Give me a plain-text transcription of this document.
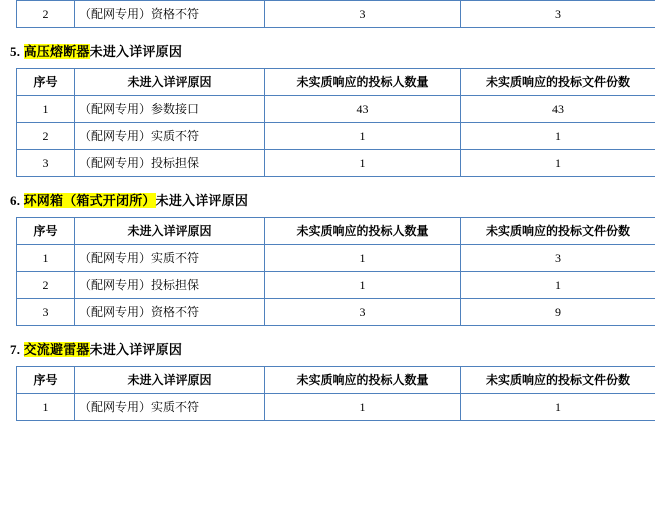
2	（配网专用）资格不符	3	3
5. 高压熔断器未进入详评原因
序号	未进入详评原因	未实质响应的投标人数量	未实质响应的投标文件份数
1	（配网专用）参数接口	43	43
2	（配网专用）实质不符	1	1
3	（配网专用）投标担保	1	1
6. 环网箱（箱式开闭所）未进入详评原因
序号	未进入详评原因	未实质响应的投标人数量	未实质响应的投标文件份数
1	（配网专用）实质不符	1	3
2	（配网专用）投标担保	1	1
3	（配网专用）资格不符	3	9
7. 交流避雷器未进入详评原因
序号	未进入详评原因	未实质响应的投标人数量	未实质响应的投标文件份数
1	（配网专用）实质不符	1	1
